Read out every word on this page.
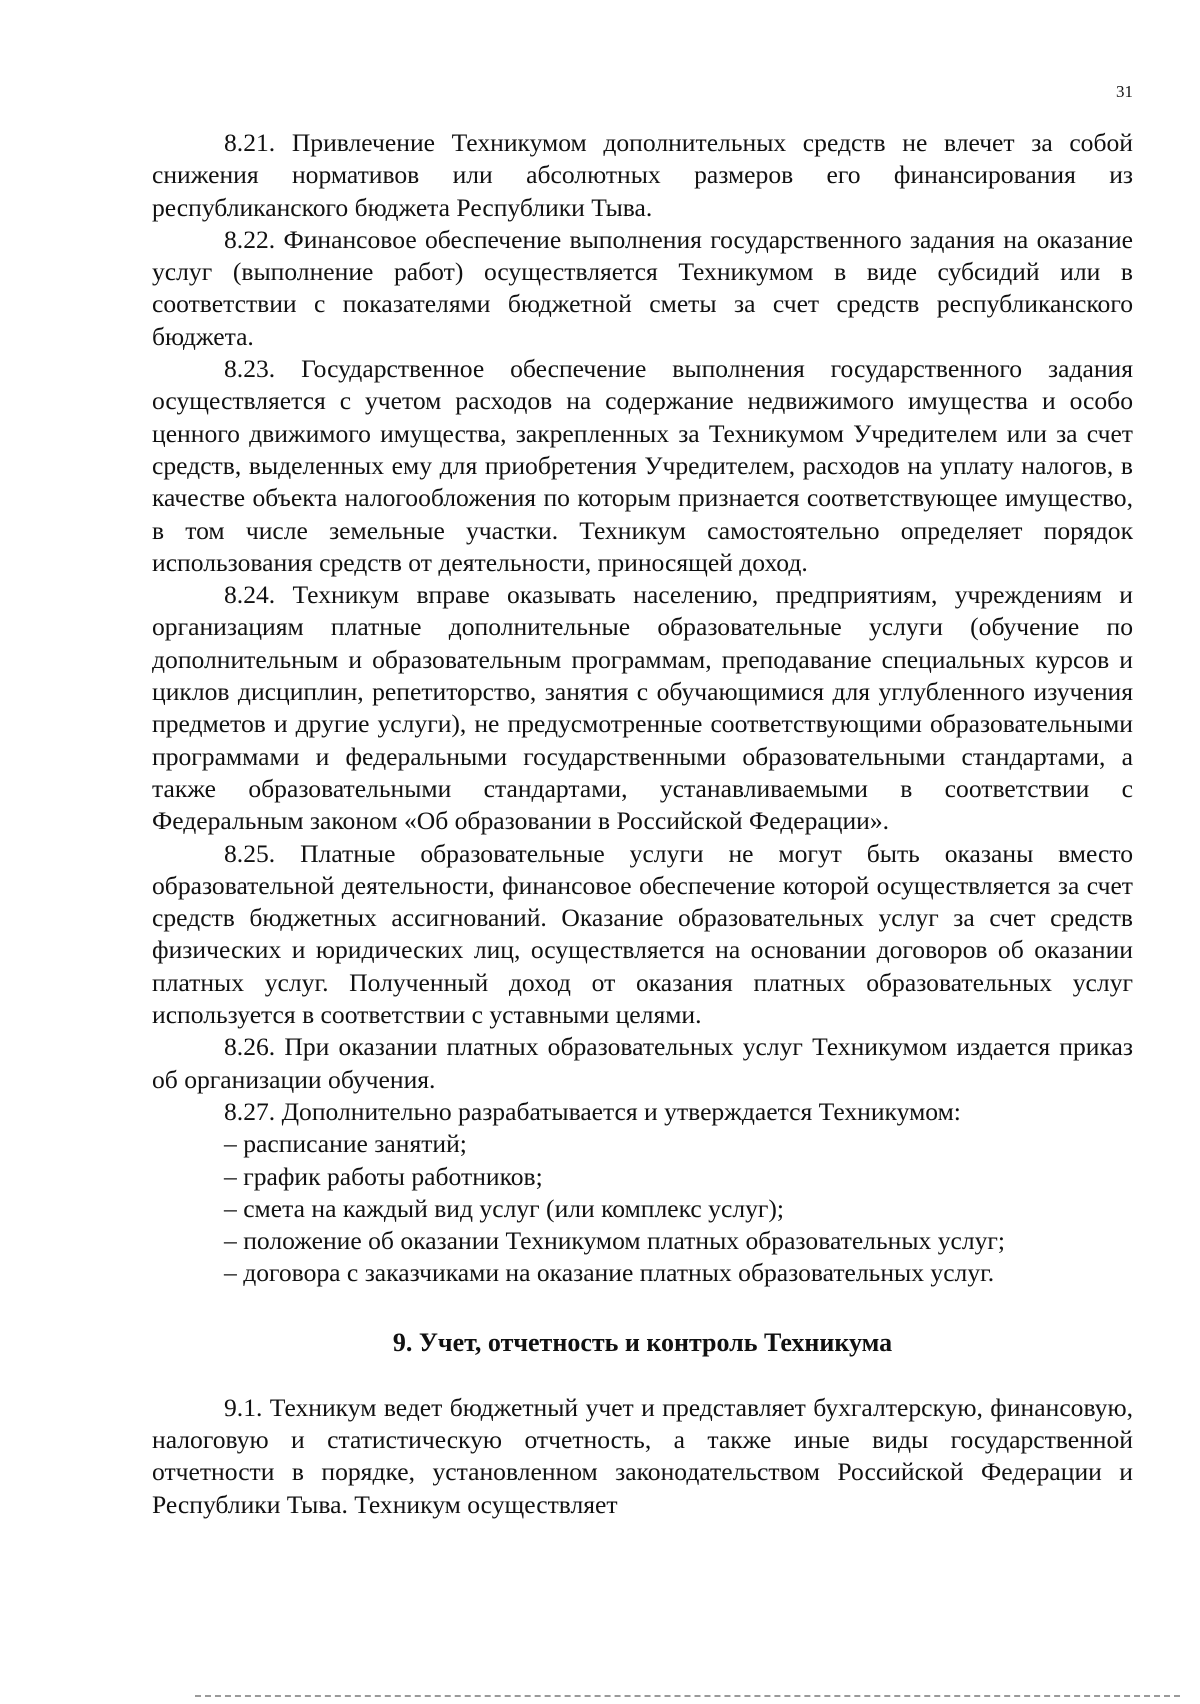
31

8.21. Привлечение Техникумом дополнительных средств не влечет за собой снижения нормативов или абсолютных размеров его финансирования из республиканского бюджета Республики Тыва.

8.22. Финансовое обеспечение выполнения государственного задания на оказание услуг (выполнение работ) осуществляется Техникумом в виде субсидий или в соответствии с показателями бюджетной сметы за счет средств республиканского бюджета.

8.23. Государственное обеспечение выполнения государственного задания осуществляется с учетом расходов на содержание недвижимого имущества и особо ценного движимого имущества, закрепленных за Техникумом Учредителем или за счет средств, выделенных ему для приобретения Учредителем, расходов на уплату налогов, в качестве объекта налогообложения по которым признается соответствующее имущество, в том числе земельные участки. Техникум самостоятельно определяет порядок использования средств от деятельности, приносящей доход.

8.24. Техникум вправе оказывать населению, предприятиям, учреждениям и организациям платные дополнительные образовательные услуги (обучение по дополнительным и образовательным программам, преподавание специальных курсов и циклов дисциплин, репетиторство, занятия с обучающимися для углубленного изучения предметов и другие услуги), не предусмотренные соответствующими образовательными программами и федеральными государственными образовательными стандартами, а также образовательными стандартами, устанавливаемыми в соответствии с Федеральным законом «Об образовании в Российской Федерации».

8.25. Платные образовательные услуги не могут быть оказаны вместо образовательной деятельности, финансовое обеспечение которой осуществляется за счет средств бюджетных ассигнований. Оказание образовательных услуг за счет средств физических и юридических лиц, осуществляется на основании договоров об оказании платных услуг. Полученный доход от оказания платных образовательных услуг используется в соответствии с уставными целями.

8.26. При оказании платных образовательных услуг Техникумом издается приказ об организации обучения.

8.27. Дополнительно разрабатывается и утверждается Техникумом:

– расписание занятий;

– график работы работников;

– смета на каждый вид услуг (или комплекс услуг);

– положение об оказании Техникумом платных образовательных услуг;

– договора с заказчиками на оказание платных образовательных услуг.

9. Учет, отчетность и контроль Техникума

9.1. Техникум ведет бюджетный учет и представляет бухгалтерскую, финансовую, налоговую и статистическую отчетность, а также иные виды государственной отчетности в порядке, установленном законодательством Российской Федерации и Республики Тыва. Техникум осуществляет
